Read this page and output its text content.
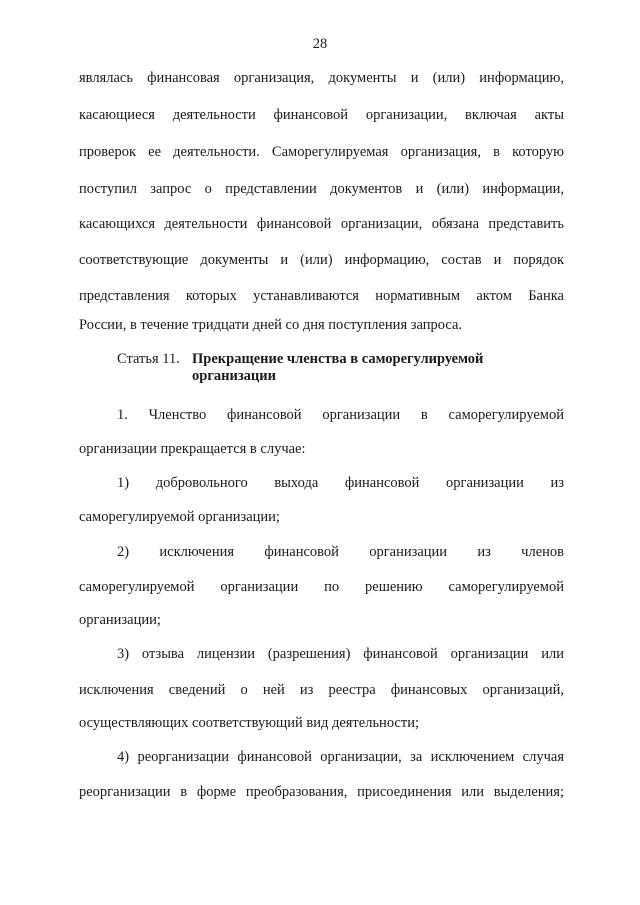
28
являлась финансовая организация, документы и (или) информацию,
касающиеся деятельности финансовой организации, включая акты
проверок ее деятельности. Саморегулируемая организация, в которую
поступил запрос о представлении документов и (или) информации,
касающихся деятельности финансовой организации, обязана представить
соответствующие документы и (или) информацию, состав и порядок
представления которых устанавливаются нормативным актом Банка
России, в течение тридцати дней со дня поступления запроса.
Статья 11. Прекращение членства в саморегулируемой
организации
1. Членство финансовой организации в саморегулируемой
организации прекращается в случае:
1) добровольного выхода финансовой организации из
саморегулируемой организации;
2) исключения финансовой организации из членов
саморегулируемой организации по решению саморегулируемой
организации;
3) отзыва лицензии (разрешения) финансовой организации или
исключения сведений о ней из реестра финансовых организаций,
осуществляющих соответствующий вид деятельности;
4) реорганизации финансовой организации, за исключением случая
реорганизации в форме преобразования, присоединения или выделения;
